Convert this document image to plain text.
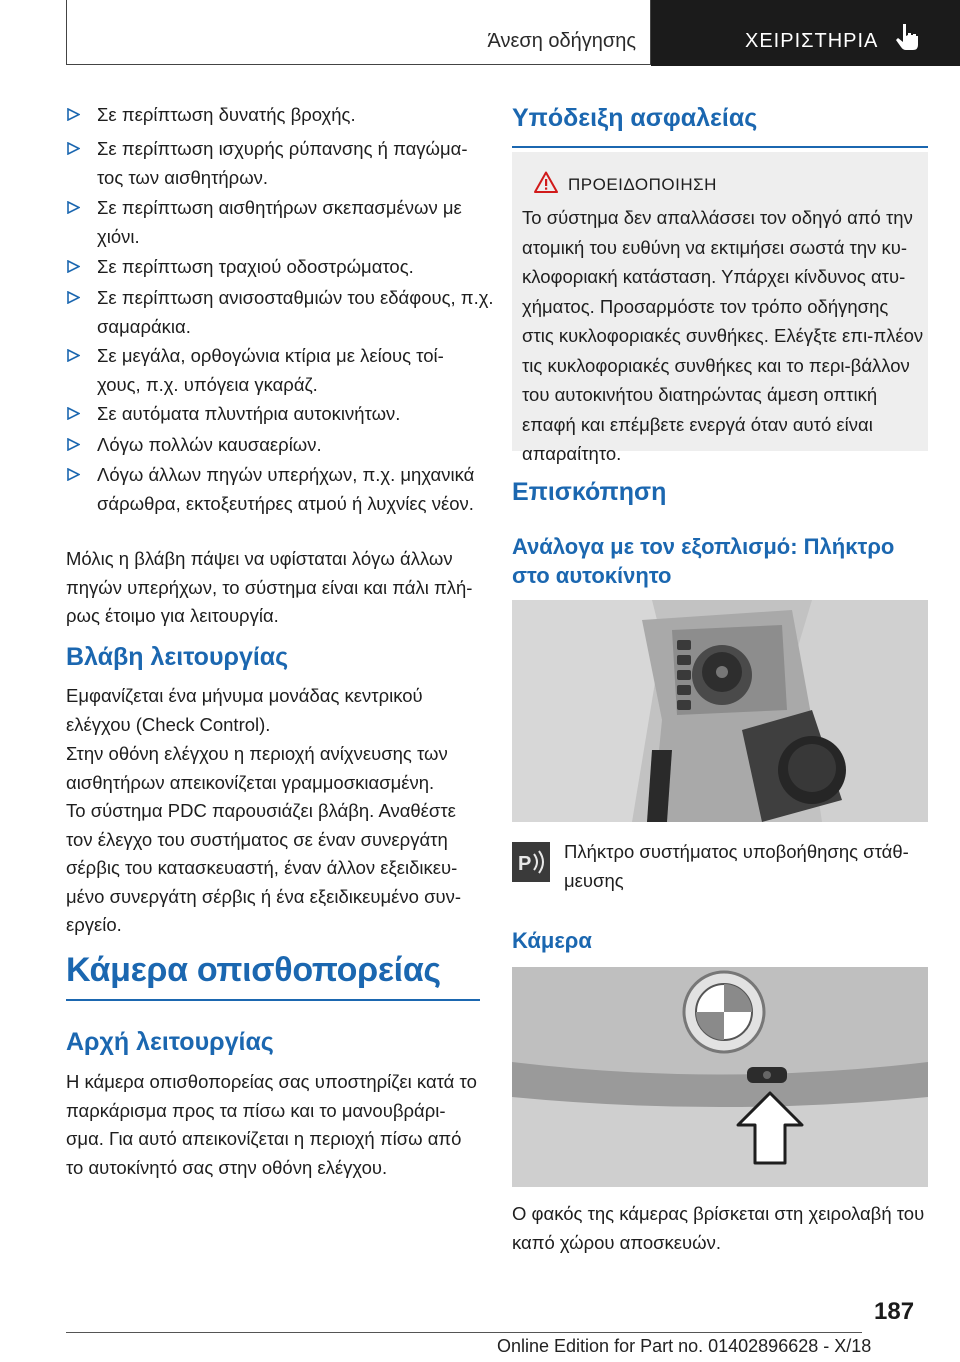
Άνεση οδήγησης	ΧΕΙΡΙΣΤΗΡΙΑ
Σε περίπτωση δυνατής βροχής.
Σε περίπτωση ισχυρής ρύπανσης ή παγώμα-τος των αισθητήρων.
Σε περίπτωση αισθητήρων σκεπασμένων με χιόνι.
Σε περίπτωση τραχιού οδοστρώματος.
Σε περίπτωση ανισοσταθμιών του εδάφους, π.χ. σαμαράκια.
Σε μεγάλα, ορθογώνια κτίρια με λείους τοί-χους, π.χ. υπόγεια γκαράζ.
Σε αυτόματα πλυντήρια αυτοκινήτων.
Λόγω πολλών καυσαερίων.
Λόγω άλλων πηγών υπερήχων, π.χ. μηχανικά σάρωθρα, εκτοξευτήρες ατμού ή λυχνίες νέον.
Μόλις η βλάβη πάψει να υφίσταται λόγω άλλων πηγών υπερήχων, το σύστημα είναι και πάλι πλή-ρως έτοιμο για λειτουργία.
Βλάβη λειτουργίας
Εμφανίζεται ένα μήνυμα μονάδας κεντρικού ελέγχου (Check Control).
Στην οθόνη ελέγχου η περιοχή ανίχνευσης των αισθητήρων απεικονίζεται γραμμοσκιασμένη.
Το σύστημα PDC παρουσιάζει βλάβη. Αναθέστε τον έλεγχο του συστήματος σε έναν συνεργάτη σέρβις του κατασκευαστή, έναν άλλον εξειδικευ-μένο συνεργάτη σέρβις ή ένα εξειδικευμένο συν-εργείο.
Κάμερα οπισθοπορείας
Αρχή λειτουργίας
Η κάμερα οπισθοπορείας σας υποστηρίζει κατά το παρκάρισμα προς τα πίσω και το μανουβράρι-σμα. Για αυτό απεικονίζεται η περιοχή πίσω από το αυτοκίνητό σας στην οθόνη ελέγχου.
Υπόδειξη ασφαλείας
ΠΡΟΕΙΔΟΠΟΙΗΣΗ
Το σύστημα δεν απαλλάσσει τον οδηγό από την ατομική του ευθύνη να εκτιμήσει σωστά την κυ-κλοφοριακή κατάσταση. Υπάρχει κίνδυνος ατυ-χήματος. Προσαρμόστε τον τρόπο οδήγησης στις κυκλοφοριακές συνθήκες. Ελέγξτε επι-πλέον τις κυκλοφοριακές συνθήκες και το περι-βάλλον του αυτοκινήτου διατηρώντας άμεση οπτική επαφή και επέμβετε ενεργά όταν αυτό είναι απαραίτητο.
Επισκόπηση
Ανάλογα με τον εξοπλισμό: Πλήκτρο στο αυτοκίνητο
P
Πλήκτρο συστήματος υποβοήθησης στάθ-μευσης
Κάμερα
Ο φακός της κάμερας βρίσκεται στη χειρολαβή του καπό χώρου αποσκευών.
187
Online Edition for Part no. 01402896628 - X/18
